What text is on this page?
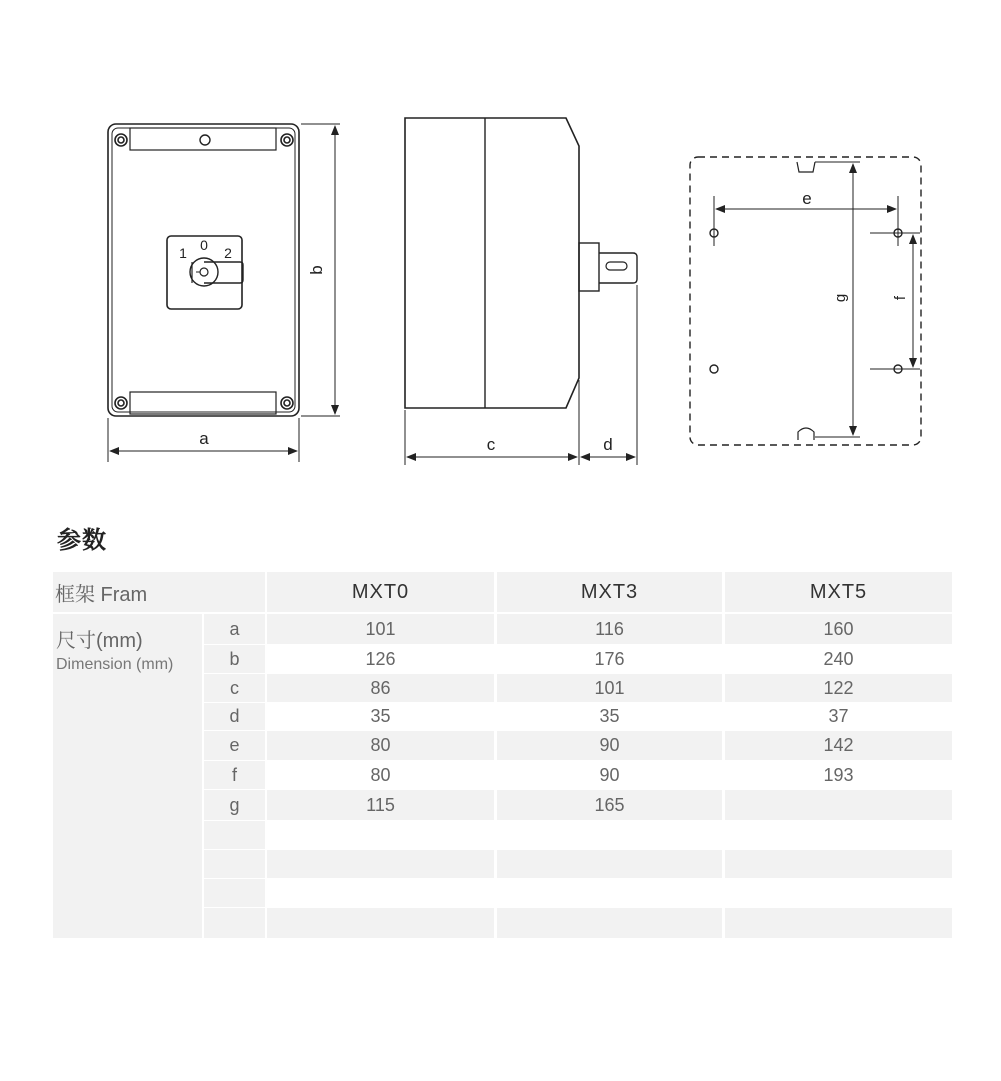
1 0 2
a
b
c	d
e
f
g
参数
框架 Fram	MXT0	MXT3	MXT5
尺寸(mm)
Dimension (mm)
a	101	116	160
b	126	176	240
c	86	101	122
d	35	35	37
e	80	90	142
f	80	90	193
g	115	165
